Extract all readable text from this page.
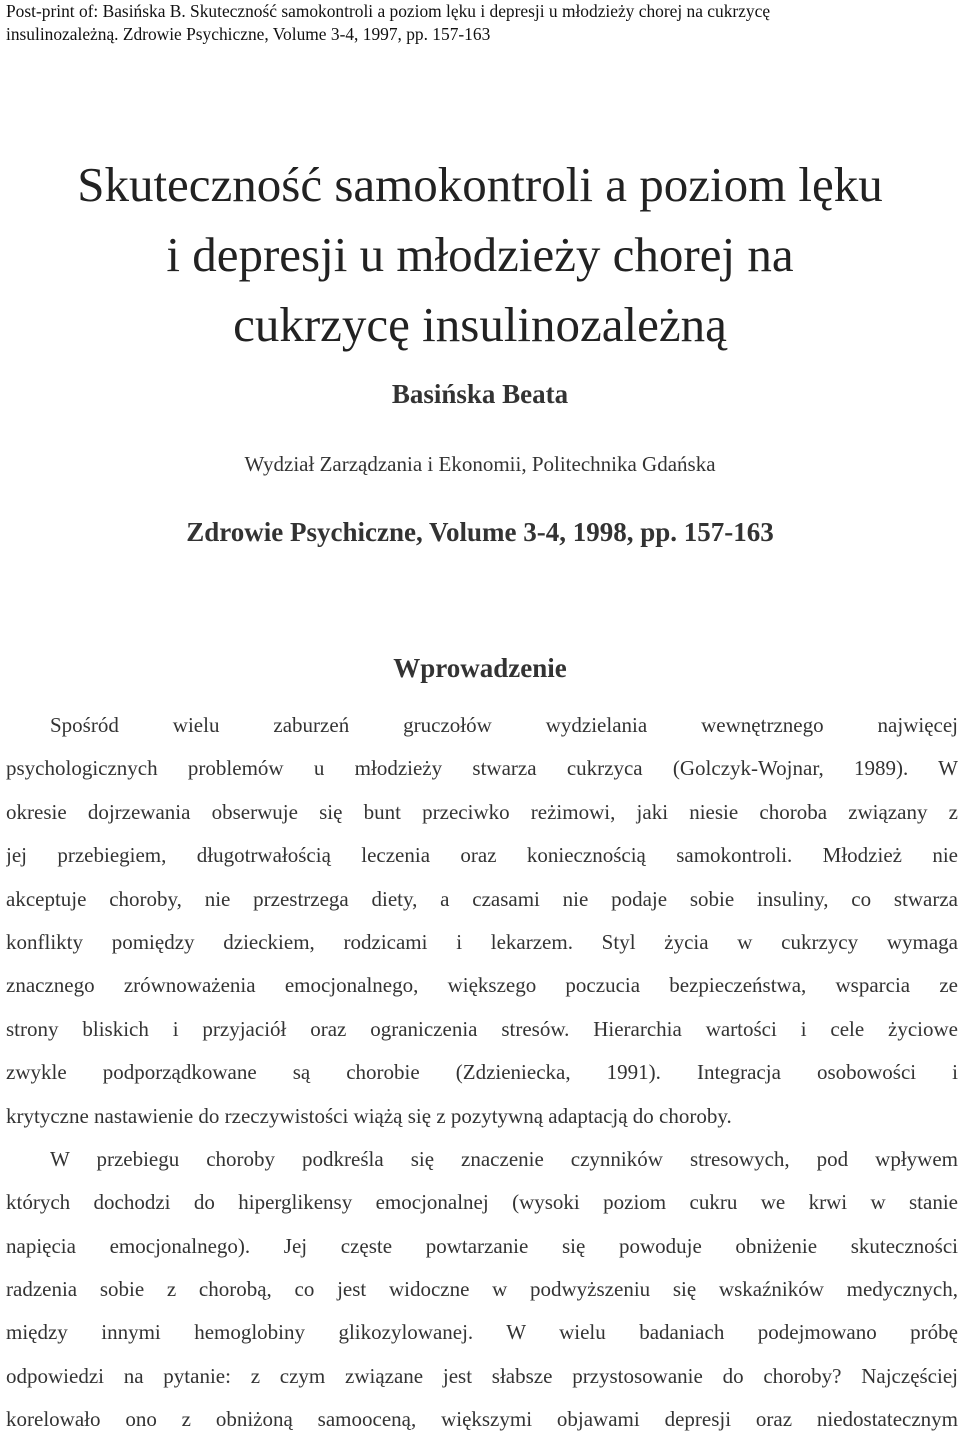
Post-print of: Basińska B. Skuteczność samokontroli a poziom lęku i depresji u młodzieży chorej na cukrzycę
insulinozależną. Zdrowie Psychiczne, Volume 3-4, 1997, pp. 157-163
Skuteczność samokontroli a poziom lęku
i depresji u młodzieży chorej na
cukrzycę insulinozależną
Basińska Beata
Wydział Zarządzania i Ekonomii, Politechnika Gdańska
Zdrowie Psychiczne, Volume 3-4, 1998, pp. 157-163
Wprowadzenie
Spośród wielu zaburzeń gruczołów wydzielania wewnętrznego najwięcej
psychologicznych problemów u młodzieży stwarza cukrzyca (Golczyk-Wojnar, 1989). W
okresie dojrzewania obserwuje się bunt przeciwko reżimowi, jaki niesie choroba związany z
jej przebiegiem, długotrwałością leczenia oraz koniecznością samokontroli. Młodzież nie
akceptuje choroby, nie przestrzega diety, a czasami nie podaje sobie insuliny, co stwarza
konflikty pomiędzy dzieckiem, rodzicami i lekarzem. Styl życia w cukrzycy wymaga
znacznego zrównoważenia emocjonalnego, większego poczucia bezpieczeństwa, wsparcia ze
strony bliskich i przyjaciół oraz ograniczenia stresów. Hierarchia wartości i cele życiowe
zwykle podporządkowane są chorobie (Zdzieniecka, 1991). Integracja osobowości i
krytyczne nastawienie do rzeczywistości wiążą się z pozytywną adaptacją do choroby.
W przebiegu choroby podkreśla się znaczenie czynników stresowych, pod wpływem
których dochodzi do hiperglikensy emocjonalnej (wysoki poziom cukru we krwi w stanie
napięcia emocjonalnego). Jej częste powtarzanie się powoduje obniżenie skuteczności
radzenia sobie z chorobą, co jest widoczne w podwyższeniu się wskaźników medycznych,
między innymi hemoglobiny glikozylowanej. W wielu badaniach podejmowano próbę
odpowiedzi na pytanie: z czym związane jest słabsze przystosowanie do choroby? Najczęściej
korelowało ono z obniżoną samooceną, większymi objawami depresji oraz niedostatecznym
